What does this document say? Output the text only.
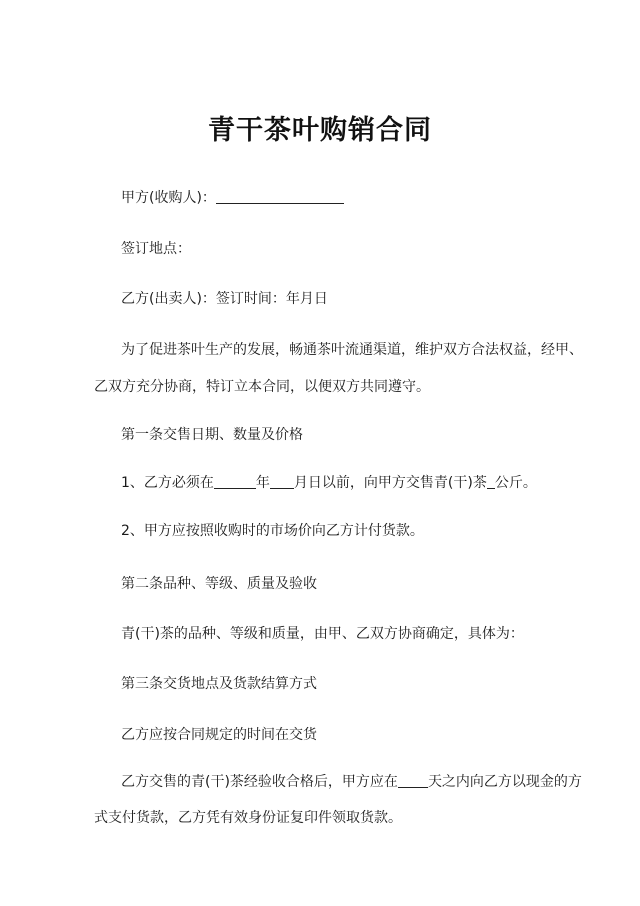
青干茶叶购销合同
甲方(收购人)：
签订地点：
乙方(出卖人)：签订时间：年月日
为了促进茶叶生产的发展，畅通茶叶流通渠道，维护双方合法权益，经甲、
乙双方充分协商，特订立本合同，以便双方共同遵守。
第一条交售日期、数量及价格
1、乙方必须在	年 月日以前，向甲方交售青(干)茶 公斤。
2、甲方应按照收购时的市场价向乙方计付货款。
第二条品种、等级、质量及验收
青(干)茶的品种、等级和质量，由甲、乙双方协商确定，具体为：
第三条交货地点及货款结算方式
乙方应按合同规定的时间在交货
乙方交售的青(干)茶经验收合格后，甲方应在 天之内向乙方以现金的方
式支付货款，乙方凭有效身份证复印件领取货款。
